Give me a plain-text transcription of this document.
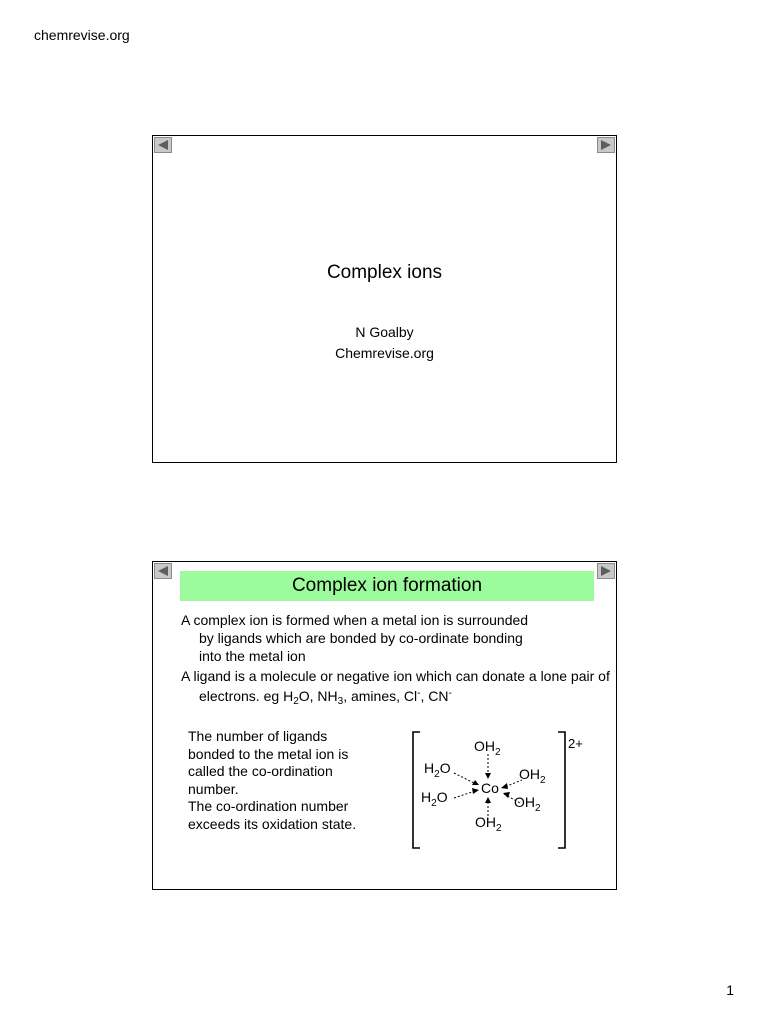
chemrevise.org
Complex ions
N Goalby
Chemrevise.org
Complex ion formation
A complex ion is formed when a metal ion is surrounded
by ligands which are bonded by co-ordinate bonding
into the metal ion
A ligand is a molecule or negative ion which can donate a lone pair of electrons. eg $H_2O$, $NH_3$, amines, Cl-, CN-
The number of ligands
bonded to the metal ion is
called the co-ordination
number.
The co-ordination number
exceeds its oxidation state.
Co
2+
$OH_2$
$H_2O$	$OH_2$
$H_2O$	$OH_2$
$OH_2$
1
